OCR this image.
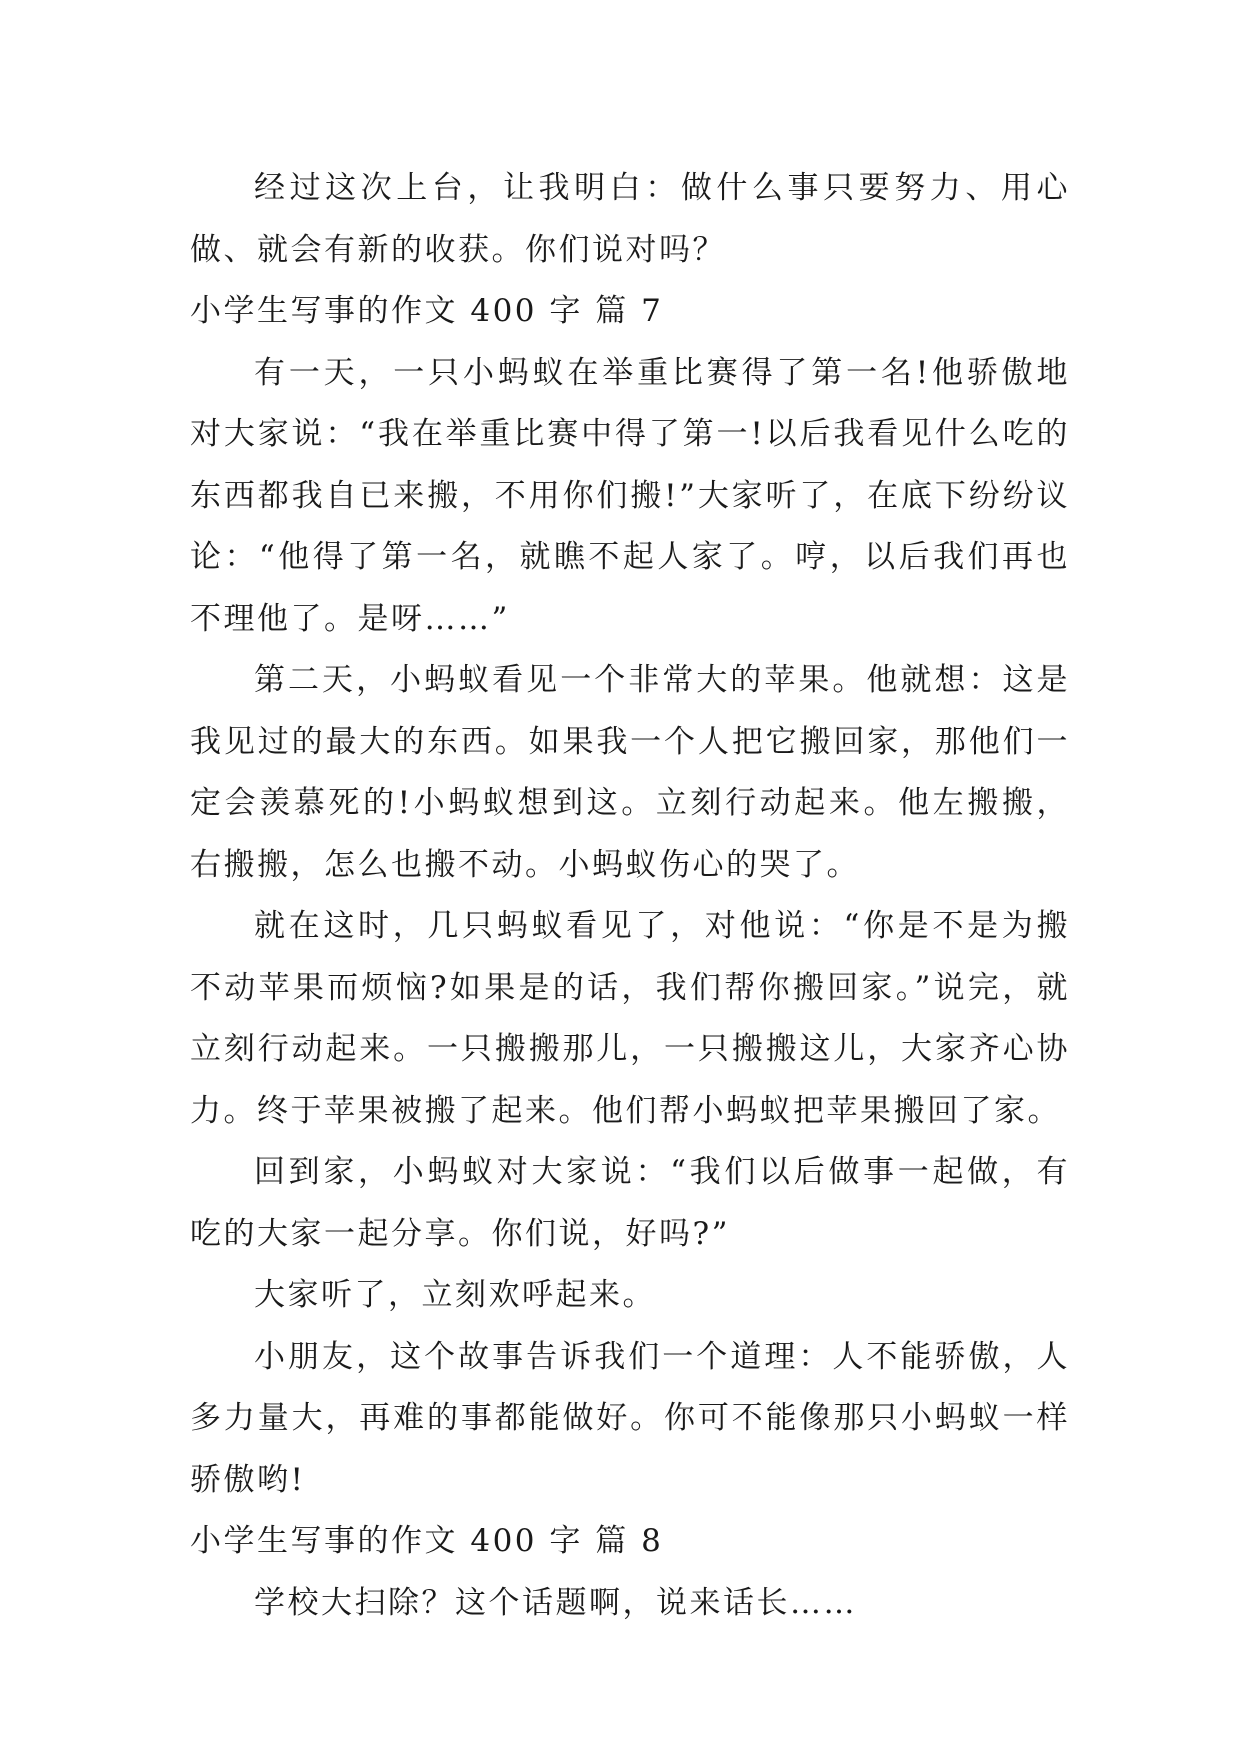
经过这次上台，让我明白：做什么事只要努力、用心做、就会有新的收获。你们说对吗？

小学生写事的作文 400 字 篇 7

有一天，一只小蚂蚁在举重比赛得了第一名!他骄傲地对大家说：“我在举重比赛中得了第一!以后我看见什么吃的东西都我自已来搬，不用你们搬!”大家听了，在底下纷纷议论：“他得了第一名，就瞧不起人家了。哼，以后我们再也不理他了。是呀……”

第二天，小蚂蚁看见一个非常大的苹果。他就想：这是我见过的最大的东西。如果我一个人把它搬回家，那他们一定会羡慕死的!小蚂蚁想到这。立刻行动起来。他左搬搬，右搬搬，怎么也搬不动。小蚂蚁伤心的哭了。

就在这时，几只蚂蚁看见了，对他说：“你是不是为搬不动苹果而烦恼?如果是的话，我们帮你搬回家。”说完，就立刻行动起来。一只搬搬那儿，一只搬搬这儿，大家齐心协力。终于苹果被搬了起来。他们帮小蚂蚁把苹果搬回了家。

回到家，小蚂蚁对大家说：“我们以后做事一起做，有吃的大家一起分享。你们说，好吗?”

大家听了，立刻欢呼起来。

小朋友，这个故事告诉我们一个道理：人不能骄傲，人多力量大，再难的事都能做好。你可不能像那只小蚂蚁一样骄傲哟!

小学生写事的作文 400 字 篇 8

学校大扫除？这个话题啊，说来话长……
